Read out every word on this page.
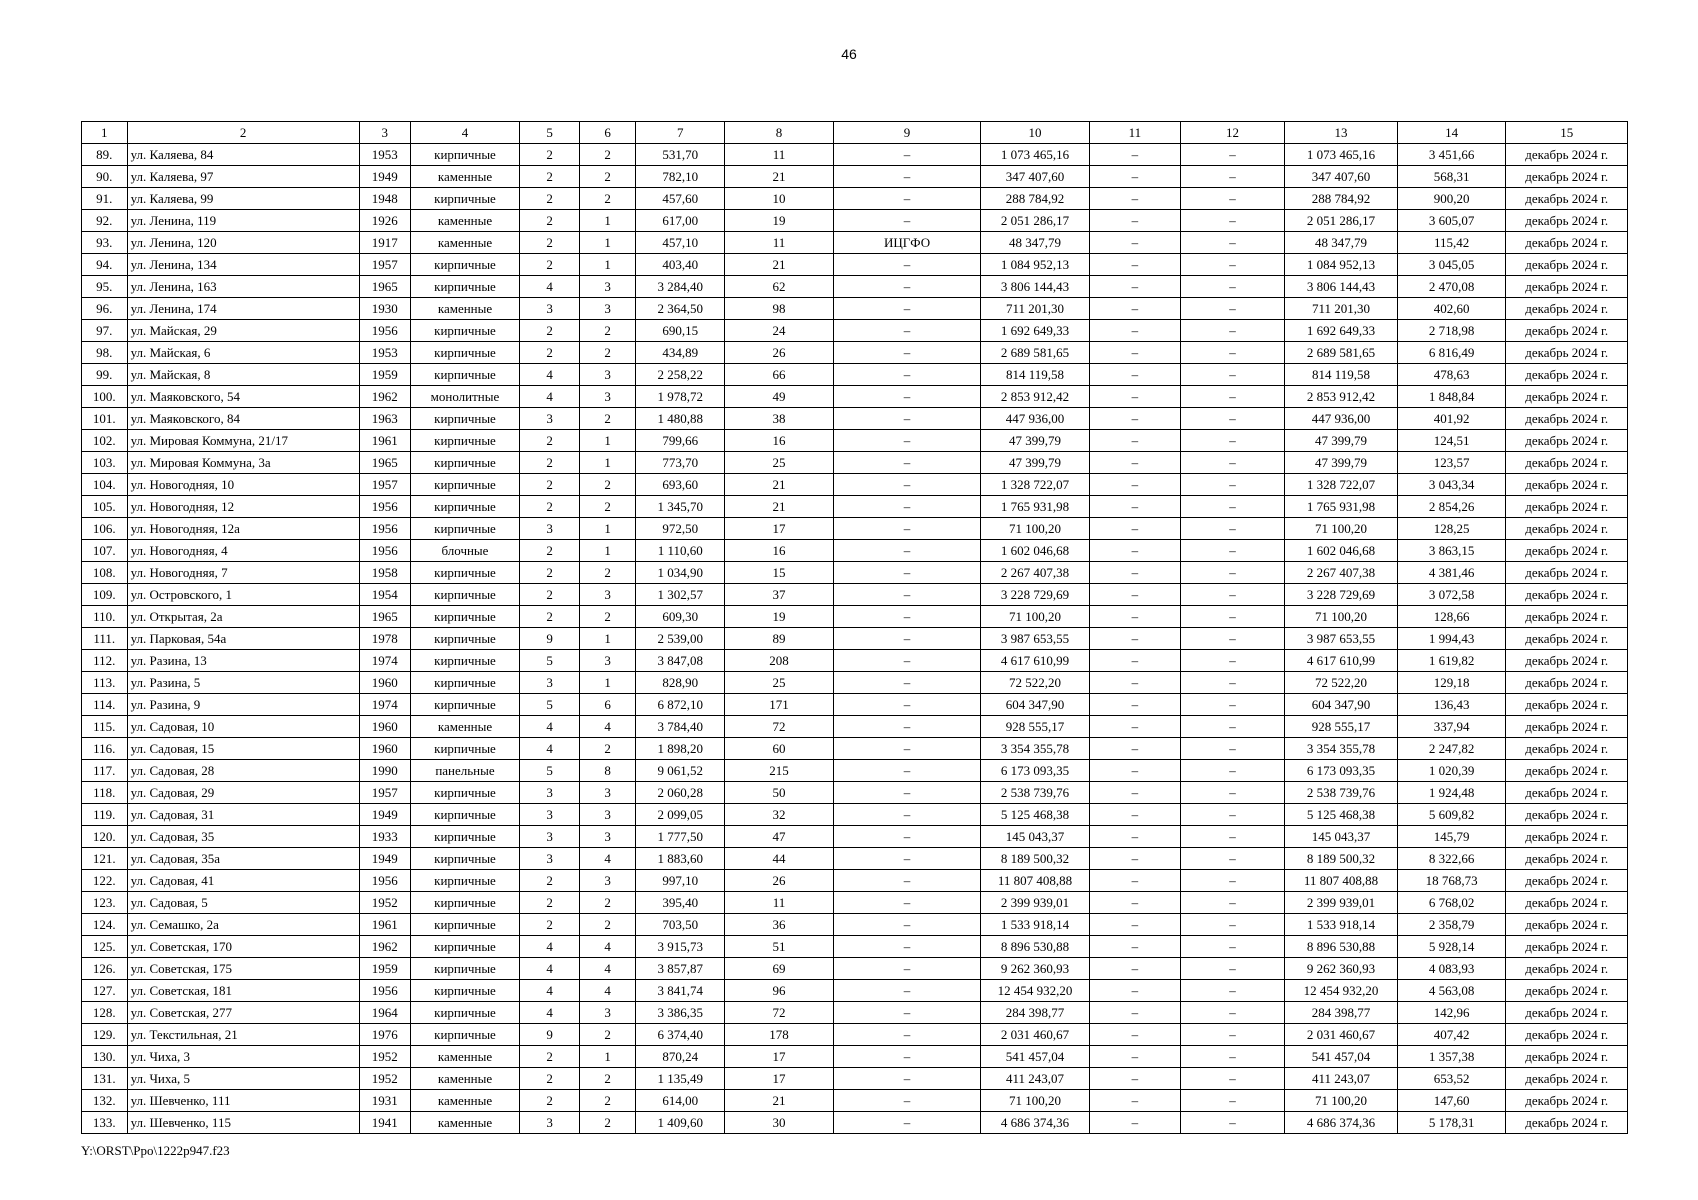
46
1	2	3	4	5	6	7	8	9	10	11	12	13	14	15
89.	ул. Каляева, 84	1953	кирпичные	2	2	531,70	11	–	1 073 465,16	–	–	1 073 465,16	3 451,66	декабрь 2024 г.
90.	ул. Каляева, 97	1949	каменные	2	2	782,10	21	–	347 407,60	–	–	347 407,60	568,31	декабрь 2024 г.
91.	ул. Каляева, 99	1948	кирпичные	2	2	457,60	10	–	288 784,92	–	–	288 784,92	900,20	декабрь 2024 г.
92.	ул. Ленина, 119	1926	каменные	2	1	617,00	19	–	2 051 286,17	–	–	2 051 286,17	3 605,07	декабрь 2024 г.
93.	ул. Ленина, 120	1917	каменные	2	1	457,10	11	ИЦГФО	48 347,79	–	–	48 347,79	115,42	декабрь 2024 г.
94.	ул. Ленина, 134	1957	кирпичные	2	1	403,40	21	–	1 084 952,13	–	–	1 084 952,13	3 045,05	декабрь 2024 г.
95.	ул. Ленина, 163	1965	кирпичные	4	3	3 284,40	62	–	3 806 144,43	–	–	3 806 144,43	2 470,08	декабрь 2024 г.
96.	ул. Ленина, 174	1930	каменные	3	3	2 364,50	98	–	711 201,30	–	–	711 201,30	402,60	декабрь 2024 г.
97.	ул. Майская, 29	1956	кирпичные	2	2	690,15	24	–	1 692 649,33	–	–	1 692 649,33	2 718,98	декабрь 2024 г.
98.	ул. Майская, 6	1953	кирпичные	2	2	434,89	26	–	2 689 581,65	–	–	2 689 581,65	6 816,49	декабрь 2024 г.
99.	ул. Майская, 8	1959	кирпичные	4	3	2 258,22	66	–	814 119,58	–	–	814 119,58	478,63	декабрь 2024 г.
100.	ул. Маяковского, 54	1962	монолитные	4	3	1 978,72	49	–	2 853 912,42	–	–	2 853 912,42	1 848,84	декабрь 2024 г.
101.	ул. Маяковского, 84	1963	кирпичные	3	2	1 480,88	38	–	447 936,00	–	–	447 936,00	401,92	декабрь 2024 г.
102.	ул. Мировая Коммуна, 21/17	1961	кирпичные	2	1	799,66	16	–	47 399,79	–	–	47 399,79	124,51	декабрь 2024 г.
103.	ул. Мировая Коммуна, 3а	1965	кирпичные	2	1	773,70	25	–	47 399,79	–	–	47 399,79	123,57	декабрь 2024 г.
104.	ул. Новогодняя, 10	1957	кирпичные	2	2	693,60	21	–	1 328 722,07	–	–	1 328 722,07	3 043,34	декабрь 2024 г.
105.	ул. Новогодняя, 12	1956	кирпичные	2	2	1 345,70	21	–	1 765 931,98	–	–	1 765 931,98	2 854,26	декабрь 2024 г.
106.	ул. Новогодняя, 12а	1956	кирпичные	3	1	972,50	17	–	71 100,20	–	–	71 100,20	128,25	декабрь 2024 г.
107.	ул. Новогодняя, 4	1956	блочные	2	1	1 110,60	16	–	1 602 046,68	–	–	1 602 046,68	3 863,15	декабрь 2024 г.
108.	ул. Новогодняя, 7	1958	кирпичные	2	2	1 034,90	15	–	2 267 407,38	–	–	2 267 407,38	4 381,46	декабрь 2024 г.
109.	ул. Островского, 1	1954	кирпичные	2	3	1 302,57	37	–	3 228 729,69	–	–	3 228 729,69	3 072,58	декабрь 2024 г.
110.	ул. Открытая, 2а	1965	кирпичные	2	2	609,30	19	–	71 100,20	–	–	71 100,20	128,66	декабрь 2024 г.
111.	ул. Парковая, 54а	1978	кирпичные	9	1	2 539,00	89	–	3 987 653,55	–	–	3 987 653,55	1 994,43	декабрь 2024 г.
112.	ул. Разина, 13	1974	кирпичные	5	3	3 847,08	208	–	4 617 610,99	–	–	4 617 610,99	1 619,82	декабрь 2024 г.
113.	ул. Разина, 5	1960	кирпичные	3	1	828,90	25	–	72 522,20	–	–	72 522,20	129,18	декабрь 2024 г.
114.	ул. Разина, 9	1974	кирпичные	5	6	6 872,10	171	–	604 347,90	–	–	604 347,90	136,43	декабрь 2024 г.
115.	ул. Садовая, 10	1960	каменные	4	4	3 784,40	72	–	928 555,17	–	–	928 555,17	337,94	декабрь 2024 г.
116.	ул. Садовая, 15	1960	кирпичные	4	2	1 898,20	60	–	3 354 355,78	–	–	3 354 355,78	2 247,82	декабрь 2024 г.
117.	ул. Садовая, 28	1990	панельные	5	8	9 061,52	215	–	6 173 093,35	–	–	6 173 093,35	1 020,39	декабрь 2024 г.
118.	ул. Садовая, 29	1957	кирпичные	3	3	2 060,28	50	–	2 538 739,76	–	–	2 538 739,76	1 924,48	декабрь 2024 г.
119.	ул. Садовая, 31	1949	кирпичные	3	3	2 099,05	32	–	5 125 468,38	–	–	5 125 468,38	5 609,82	декабрь 2024 г.
120.	ул. Садовая, 35	1933	кирпичные	3	3	1 777,50	47	–	145 043,37	–	–	145 043,37	145,79	декабрь 2024 г.
121.	ул. Садовая, 35а	1949	кирпичные	3	4	1 883,60	44	–	8 189 500,32	–	–	8 189 500,32	8 322,66	декабрь 2024 г.
122.	ул. Садовая, 41	1956	кирпичные	2	3	997,10	26	–	11 807 408,88	–	–	11 807 408,88	18 768,73	декабрь 2024 г.
123.	ул. Садовая, 5	1952	кирпичные	2	2	395,40	11	–	2 399 939,01	–	–	2 399 939,01	6 768,02	декабрь 2024 г.
124.	ул. Семашко, 2а	1961	кирпичные	2	2	703,50	36	–	1 533 918,14	–	–	1 533 918,14	2 358,79	декабрь 2024 г.
125.	ул. Советская, 170	1962	кирпичные	4	4	3 915,73	51	–	8 896 530,88	–	–	8 896 530,88	5 928,14	декабрь 2024 г.
126.	ул. Советская, 175	1959	кирпичные	4	4	3 857,87	69	–	9 262 360,93	–	–	9 262 360,93	4 083,93	декабрь 2024 г.
127.	ул. Советская, 181	1956	кирпичные	4	4	3 841,74	96	–	12 454 932,20	–	–	12 454 932,20	4 563,08	декабрь 2024 г.
128.	ул. Советская, 277	1964	кирпичные	4	3	3 386,35	72	–	284 398,77	–	–	284 398,77	142,96	декабрь 2024 г.
129.	ул. Текстильная, 21	1976	кирпичные	9	2	6 374,40	178	–	2 031 460,67	–	–	2 031 460,67	407,42	декабрь 2024 г.
130.	ул. Чиха, 3	1952	каменные	2	1	870,24	17	–	541 457,04	–	–	541 457,04	1 357,38	декабрь 2024 г.
131.	ул. Чиха, 5	1952	каменные	2	2	1 135,49	17	–	411 243,07	–	–	411 243,07	653,52	декабрь 2024 г.
132.	ул. Шевченко, 111	1931	каменные	2	2	614,00	21	–	71 100,20	–	–	71 100,20	147,60	декабрь 2024 г.
133.	ул. Шевченко, 115	1941	каменные	3	2	1 409,60	30	–	4 686 374,36	–	–	4 686 374,36	5 178,31	декабрь 2024 г.
Y:\ORST\Ppo\1222p947.f23
